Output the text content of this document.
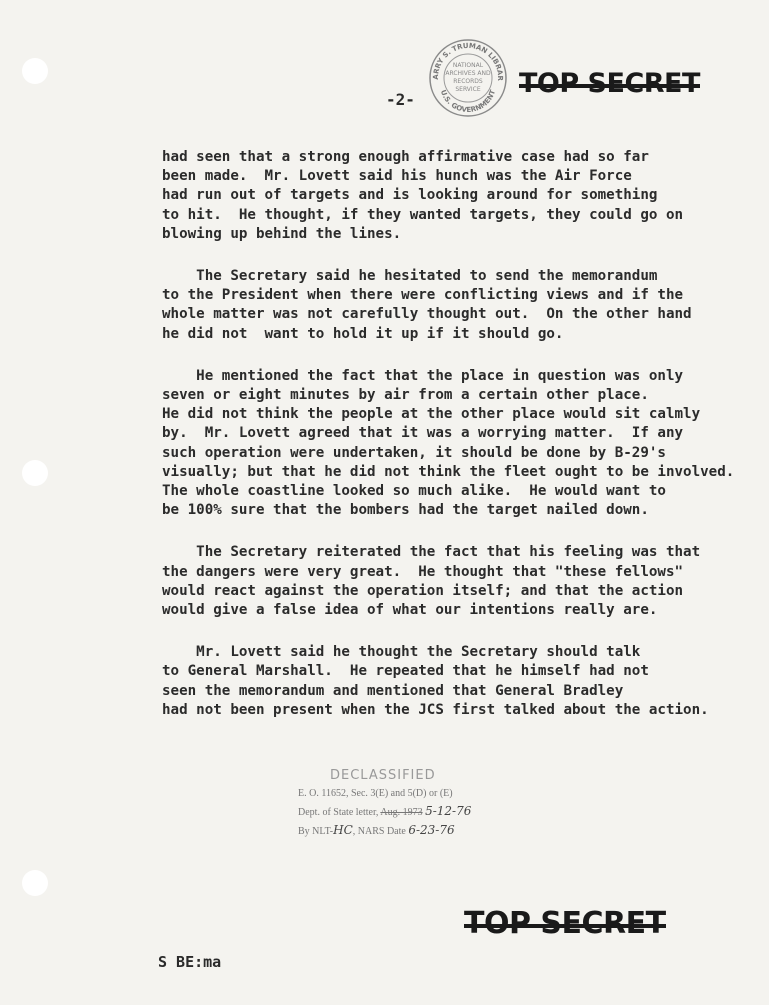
ARRY S. TRUMAN LIBRAR
U.S. GOVERNMENT
NATIONAL
ARCHIVES AND
RECORDS
SERVICE
-2-

had seen that a strong enough affirmative case had so far

been made.  Mr. Lovett said his hunch was the Air Force

had run out of targets and is looking around for something

to hit.  He thought, if they wanted targets, they could go on

blowing up behind the lines.

The Secretary said he hesitated to send the memorandum

to the President when there were conflicting views and if the

whole matter was not carefully thought out.  On the other hand

he did not  want to hold it up if it should go.

He mentioned the fact that the place in question was only

seven or eight minutes by air from a certain other place.

He did not think the people at the other place would sit calmly

by.  Mr. Lovett agreed that it was a worrying matter.  If any

such operation were undertaken, it should be done by B-29's

visually; but that he did not think the fleet ought to be involved.

The whole coastline looked so much alike.  He would want to

be 100% sure that the bombers had the target nailed down.

The Secretary reiterated the fact that his feeling was that

the dangers were very great.  He thought that "these fellows"

would react against the operation itself; and that the action

would give a false idea of what our intentions really are.

Mr. Lovett said he thought the Secretary should talk

to General Marshall.  He repeated that he himself had not

seen the memorandum and mentioned that General Bradley

had not been present when the JCS first talked about the action.

DECLASSIFIED
E. O. 11652, Sec. 3(E) and 5(D) or (E)
Dept. of State letter, Aug. 1973 5-12-76
By NLT-HC, NARS Date 6-23-76
S BE:ma
